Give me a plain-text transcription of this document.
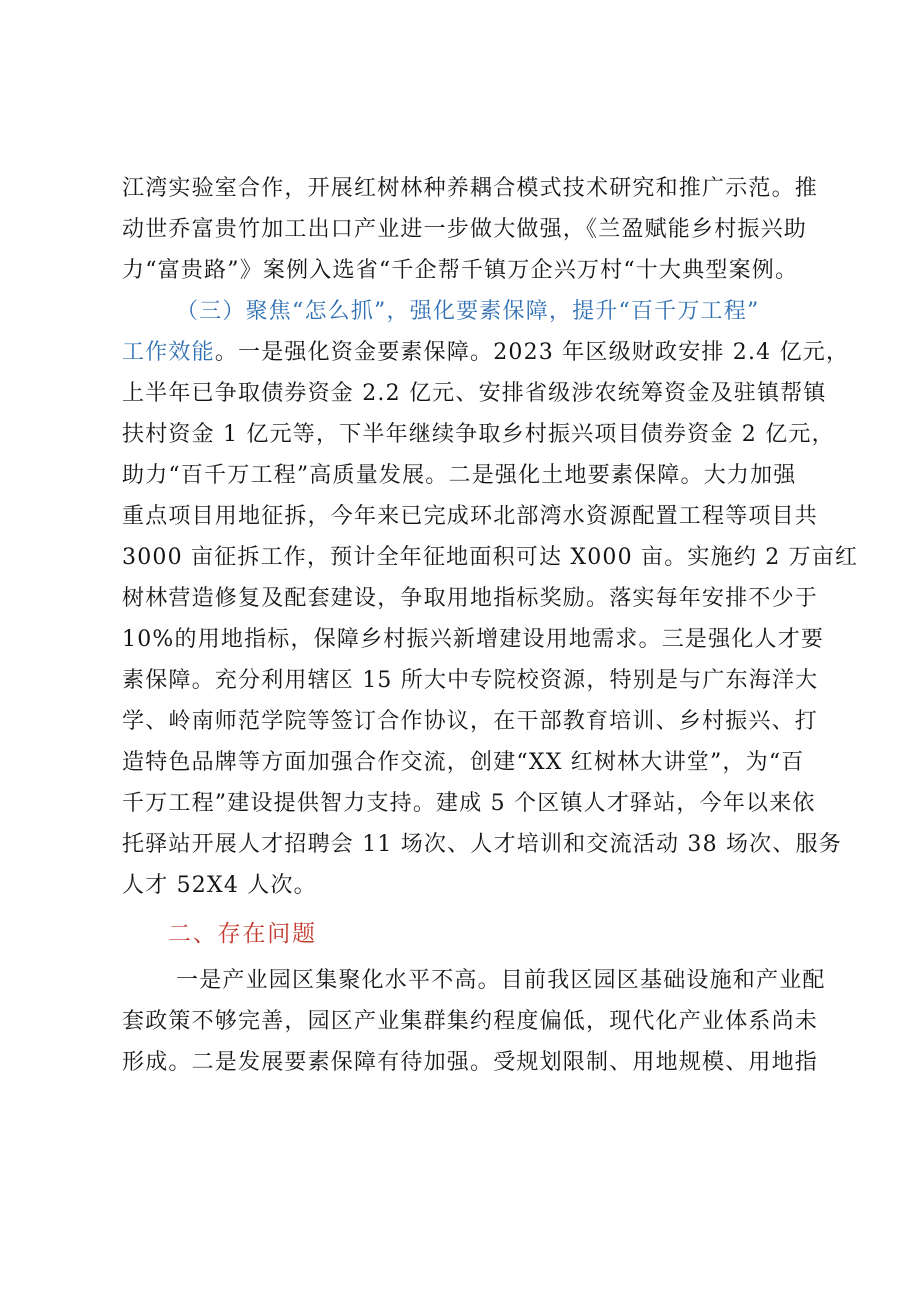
江湾实验室合作，开展红树林种养耦合模式技术研究和推广示范。推
动世乔富贵竹加工出口产业进一步做大做强，《兰盈赋能乡村振兴助
力“富贵路”》案例入选省“千企帮千镇万企兴万村“十大典型案例。
（三）聚焦“怎么抓”，强化要素保障，提升“百千万工程”
工作效能。一是强化资金要素保障。2023 年区级财政安排 2.4 亿元，
上半年已争取债券资金 2.2 亿元、安排省级涉农统筹资金及驻镇帮镇
扶村资金 1 亿元等，下半年继续争取乡村振兴项目债券资金 2 亿元，
助力“百千万工程”高质量发展。二是强化土地要素保障。大力加强
重点项目用地征拆，今年来已完成环北部湾水资源配置工程等项目共
3000 亩征拆工作，预计全年征地面积可达 X000 亩。实施约 2 万亩红
树林营造修复及配套建设，争取用地指标奖励。落实每年安排不少于
10%的用地指标，保障乡村振兴新增建设用地需求。三是强化人才要
素保障。充分利用辖区 15 所大中专院校资源，特别是与广东海洋大
学、岭南师范学院等签订合作协议，在干部教育培训、乡村振兴、打
造特色品牌等方面加强合作交流，创建“XX 红树林大讲堂”，为“百
千万工程”建设提供智力支持。建成 5 个区镇人才驿站，今年以来依
托驿站开展人才招聘会 11 场次、人才培训和交流活动 38 场次、服务
人才 52X4 人次。
二、存在问题
一是产业园区集聚化水平不高。目前我区园区基础设施和产业配
套政策不够完善，园区产业集群集约程度偏低，现代化产业体系尚未
形成。二是发展要素保障有待加强。受规划限制、用地规模、用地指
